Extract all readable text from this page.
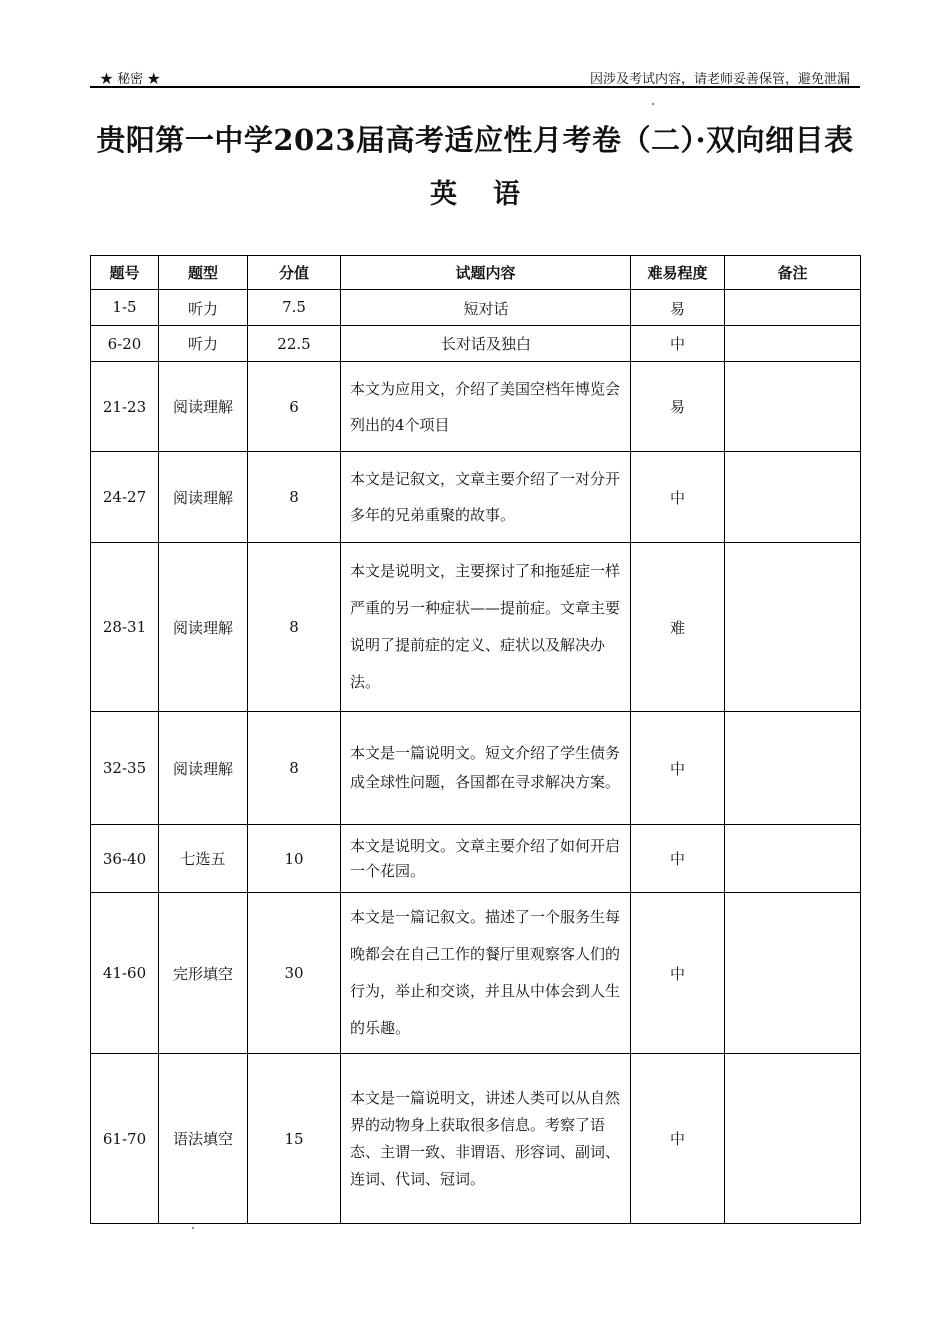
★ 秘密 ★	因涉及考试内容，请老师妥善保管，避免泄漏
贵阳第一中学2023届高考适应性月考卷（二）·双向细目表
英 语
题号	题型	分值	试题内容	难易程度	备注
1-5	听力	7.5	短对话	易	
6-20	听力	22.5	长对话及独白	中	
21-23	阅读理解	6	本文为应用文，介绍了美国空档年博览会列出的4个项目	易	
24-27	阅读理解	8	本文是记叙文，文章主要介绍了一对分开多年的兄弟重聚的故事。	中	
28-31	阅读理解	8	本文是说明文，主要探讨了和拖延症一样严重的另一种症状——提前症。文章主要说明了提前症的定义、症状以及解决办法。	难	
32-35	阅读理解	8	本文是一篇说明文。短文介绍了学生债务成全球性问题，各国都在寻求解决方案。	中	
36-40	七选五	10	本文是说明文。文章主要介绍了如何开启一个花园。	中	
41-60	完形填空	30	本文是一篇记叙文。描述了一个服务生每晚都会在自己工作的餐厅里观察客人们的行为，举止和交谈，并且从中体会到人生的乐趣。	中	
61-70	语法填空	15	本文是一篇说明文，讲述人类可以从自然界的动物身上获取很多信息。考察了语态、主谓一致、非谓语、形容词、副词、连词、代词、冠词。	中	
